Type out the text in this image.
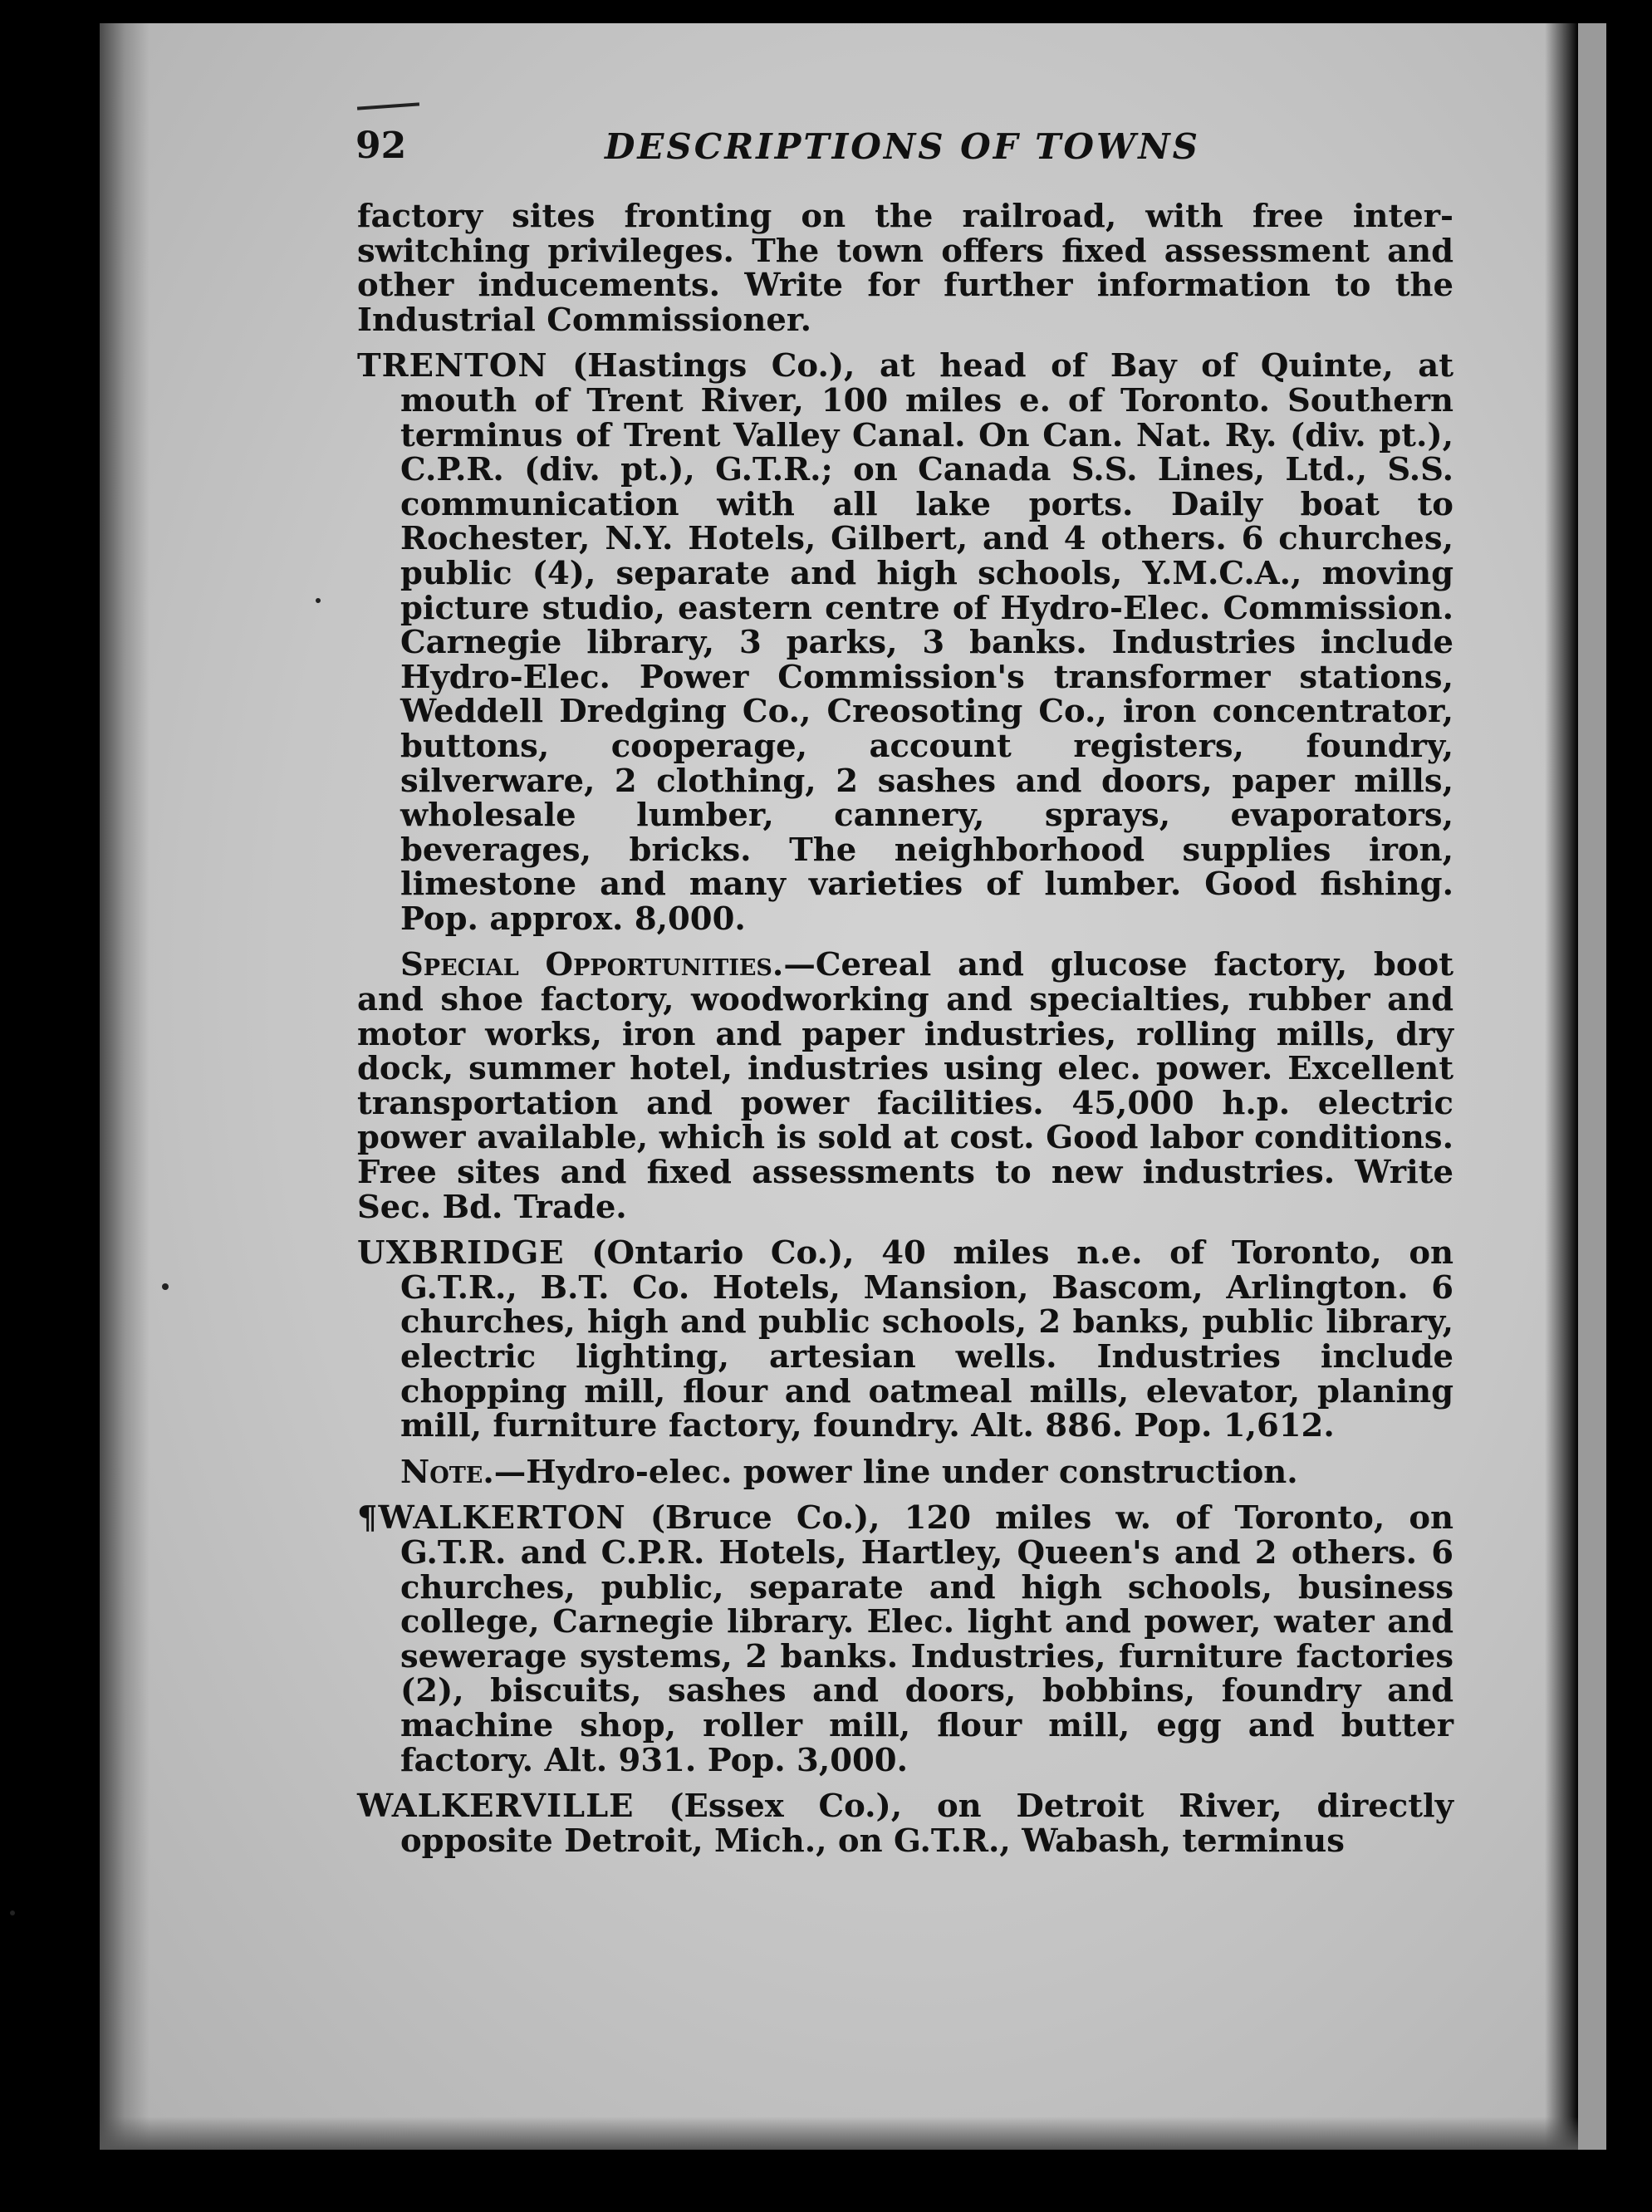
92	DESCRIPTIONS OF TOWNS

factory sites fronting on the railroad, with free inter-switching privileges. The town offers fixed assessment and other inducements. Write for further information to the Industrial Commissioner.

TRENTON (Hastings Co.), at head of Bay of Quinte, at mouth of Trent River, 100 miles e. of Toronto. Southern terminus of Trent Valley Canal. On Can. Nat. Ry. (div. pt.), C.P.R. (div. pt.), G.T.R.; on Canada S.S. Lines, Ltd., S.S. communication with all lake ports. Daily boat to Rochester, N.Y. Hotels, Gilbert, and 4 others. 6 churches, public (4), separate and high schools, Y.M.C.A., moving picture studio, eastern centre of Hydro-Elec. Commission. Carnegie library, 3 parks, 3 banks. Industries include Hydro-Elec. Power Commission's transformer stations, Weddell Dredging Co., Creosoting Co., iron concentrator, buttons, cooperage, account registers, foundry, silverware, 2 clothing, 2 sashes and doors, paper mills, wholesale lumber, cannery, sprays, evaporators, beverages, bricks. The neighborhood supplies iron, limestone and many varieties of lumber. Good fishing. Pop. approx. 8,000.

Special Opportunities.—Cereal and glucose factory, boot and shoe factory, woodworking and specialties, rubber and motor works, iron and paper industries, rolling mills, dry dock, summer hotel, industries using elec. power. Excellent transportation and power facilities. 45,000 h.p. electric power available, which is sold at cost. Good labor conditions. Free sites and fixed assessments to new industries. Write Sec. Bd. Trade.

UXBRIDGE (Ontario Co.), 40 miles n.e. of Toronto, on G.T.R., B.T. Co. Hotels, Mansion, Bascom, Arlington. 6 churches, high and public schools, 2 banks, public library, electric lighting, artesian wells. Industries include chopping mill, flour and oatmeal mills, elevator, planing mill, furniture factory, foundry. Alt. 886. Pop. 1,612.

Note.—Hydro-elec. power line under construction.

¶WALKERTON (Bruce Co.), 120 miles w. of Toronto, on G.T.R. and C.P.R. Hotels, Hartley, Queen's and 2 others. 6 churches, public, separate and high schools, business college, Carnegie library. Elec. light and power, water and sewerage systems, 2 banks. Industries, furniture factories (2), biscuits, sashes and doors, bobbins, foundry and machine shop, roller mill, flour mill, egg and butter factory. Alt. 931. Pop. 3,000.

WALKERVILLE (Essex Co.), on Detroit River, directly opposite Detroit, Mich., on G.T.R., Wabash, terminus
